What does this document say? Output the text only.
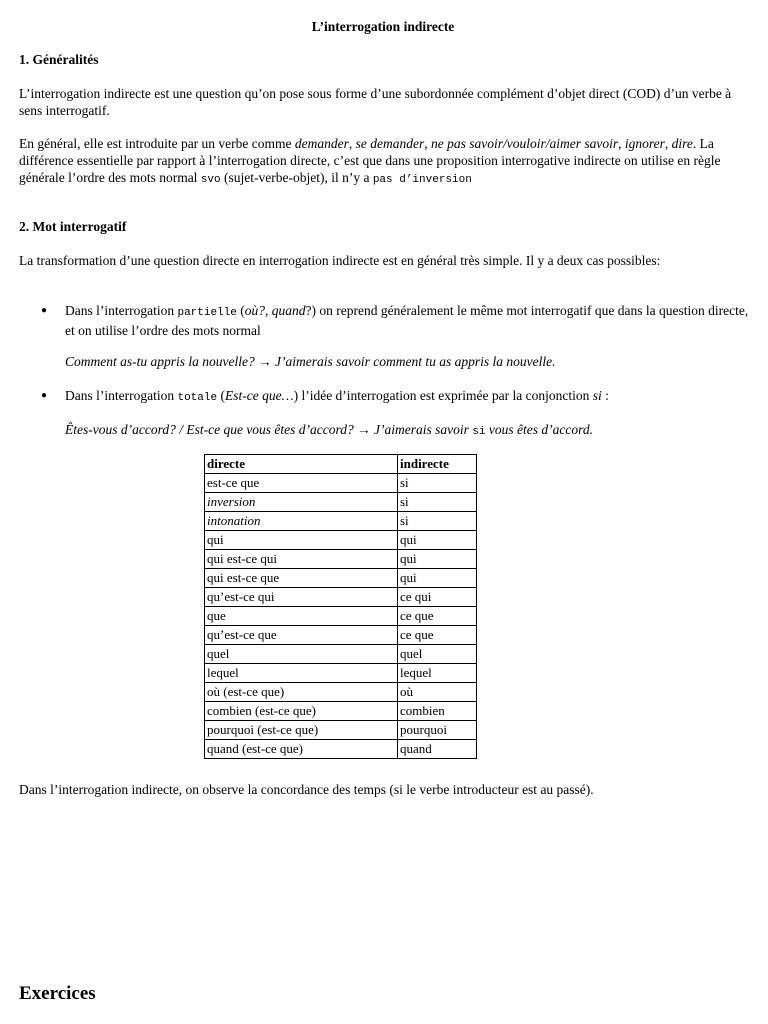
L’interrogation indirecte
1. Généralités

L’interrogation indirecte est une question qu’on pose sous forme d’une subordonnée complément d’objet direct (COD) d’un verbe à sens interrogatif.

En général, elle est introduite par un verbe comme demander, se demander, ne pas savoir/vouloir/aimer savoir, ignorer, dire. La différence essentielle par rapport à l’interrogation directe, c’est que dans une proposition interrogative indirecte on utilise en règle générale l’ordre des mots normal svo (sujet-verbe-objet), il n’y a pas d’inversion

2. Mot interrogatif

La transformation d’une question directe en interrogation indirecte est en général très simple. Il y a deux cas possibles:

● Dans l’interrogation partielle (où?, quand?) on reprend généralement le même mot interrogatif que dans la question directe, et on utilise l’ordre des mots normal

Comment as-tu appris la nouvelle? → J’aimerais savoir comment tu as appris la nouvelle.

● Dans l’interrogation totale (Est-ce que…) l’idée d’interrogation est exprimée par la conjonction si :

Êtes-vous d’accord? / Est-ce que vous êtes d’accord? → J’aimerais savoir si vous êtes d’accord.

directe	indirecte
est-ce que	si
inversion	si
intonation	si
qui	qui
qui est-ce qui	qui
qui est-ce que	qui
qu’est-ce qui	ce qui
que	ce que
qu’est-ce que	ce que
quel	quel
lequel	lequel
où (est-ce que)	où
combien (est-ce que)	combien
pourquoi (est-ce que)	pourquoi
quand (est-ce que)	quand

Dans l’interrogation indirecte, on observe la concordance des temps (si le verbe introducteur est au passé).

Exercices
